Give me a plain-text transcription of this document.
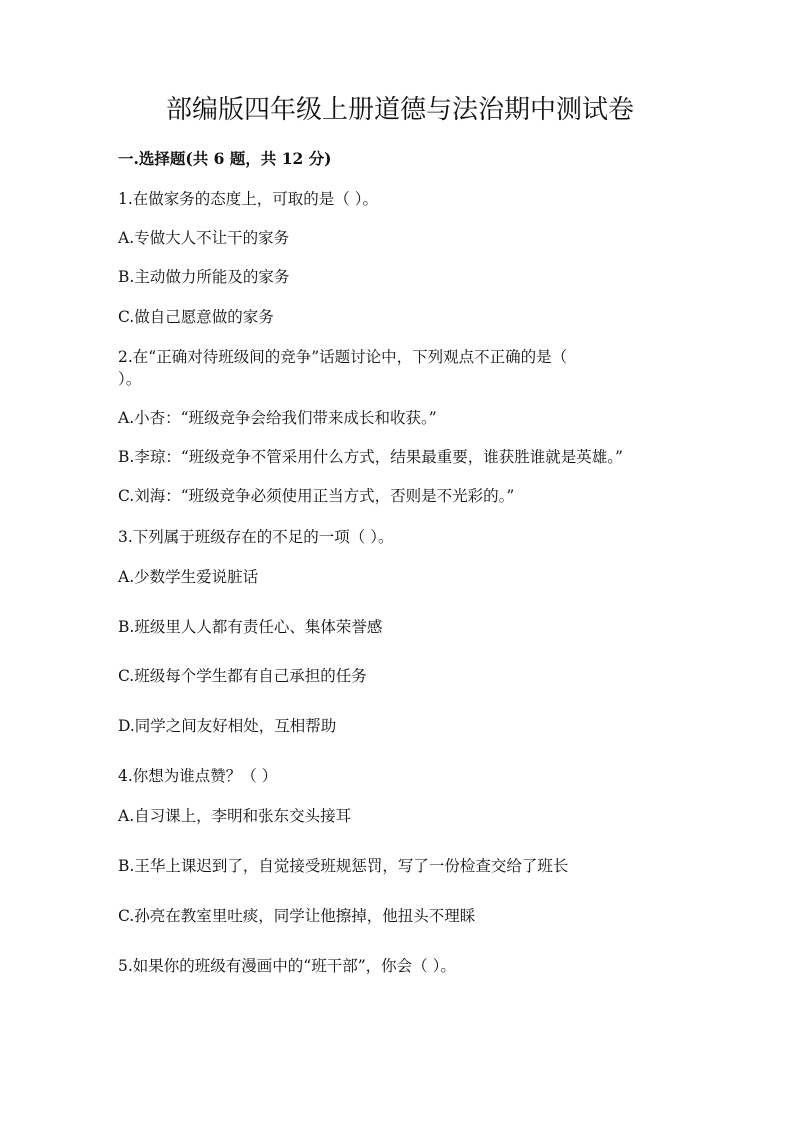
部编版四年级上册道德与法治期中测试卷
一.选择题(共 6 题，共 12 分)
1.在做家务的态度上，可取的是（ ）。
A.专做大人不让干的家务
B.主动做力所能及的家务
C.做自己愿意做的家务
2.在“正确对待班级间的竞争”话题讨论中，下列观点不正确的是（ ）。
A.小杏：“班级竞争会给我们带来成长和收获。”
B.李琼：“班级竞争不管采用什么方式，结果最重要，谁获胜谁就是英雄。”
C.刘海：“班级竞争必须使用正当方式，否则是不光彩的。”
3.下列属于班级存在的不足的一项（ ）。
A.少数学生爱说脏话
B.班级里人人都有责任心、集体荣誉感
C.班级每个学生都有自己承担的任务
D.同学之间友好相处，互相帮助
4.你想为谁点赞？（ ）
A.自习课上，李明和张东交头接耳
B.王华上课迟到了，自觉接受班规惩罚，写了一份检查交给了班长
C.孙亮在教室里吐痰，同学让他擦掉，他扭头不理睬
5.如果你的班级有漫画中的“班干部”，你会（ ）。
